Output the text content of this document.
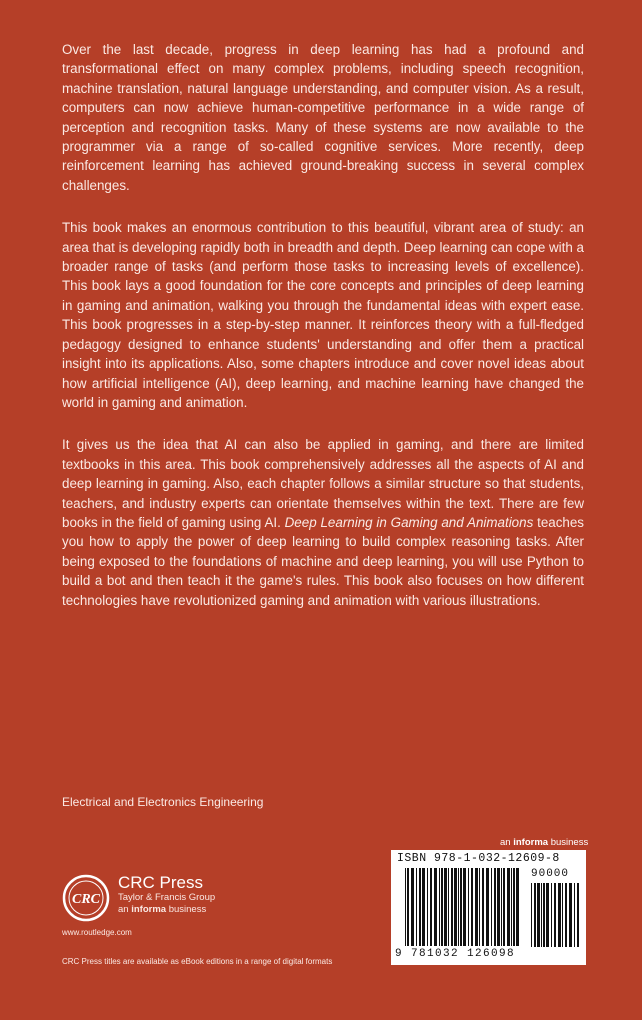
Over the last decade, progress in deep learning has had a profound and transformational effect on many complex problems, including speech recognition, machine translation, natural language understanding, and computer vision. As a result, computers can now achieve human-competitive performance in a wide range of perception and recognition tasks. Many of these systems are now available to the programmer via a range of so-called cognitive services. More recently, deep reinforcement learning has achieved ground-breaking success in several complex challenges.

This book makes an enormous contribution to this beautiful, vibrant area of study: an area that is developing rapidly both in breadth and depth. Deep learning can cope with a broader range of tasks (and perform those tasks to increasing levels of excellence). This book lays a good foundation for the core concepts and principles of deep learning in gaming and animation, walking you through the fundamental ideas with expert ease. This book progresses in a step-by-step manner. It reinforces theory with a full-fledged pedagogy designed to enhance students' understanding and offer them a practical insight into its applications. Also, some chapters introduce and cover novel ideas about how artificial intelligence (AI), deep learning, and machine learning have changed the world in gaming and animation.

It gives us the idea that AI can also be applied in gaming, and there are limited textbooks in this area. This book comprehensively addresses all the aspects of AI and deep learning in gaming. Also, each chapter follows a similar structure so that students, teachers, and industry experts can orientate themselves within the text. There are few books in the field of gaming using AI. Deep Learning in Gaming and Animations teaches you how to apply the power of deep learning to build complex reasoning tasks. After being exposed to the foundations of machine and deep learning, you will use Python to build a bot and then teach it the game's rules. This book also focuses on how different technologies have revolutionized gaming and animation with various illustrations.

Electrical and Electronics Engineering
an informa business
ISBN 978-1-032-12609-8
90000
9 781032 126098
CRC
CRC Press
Taylor & Francis Group
an informa business
www.routledge.com
CRC Press titles are available as eBook editions in a range of digital formats
